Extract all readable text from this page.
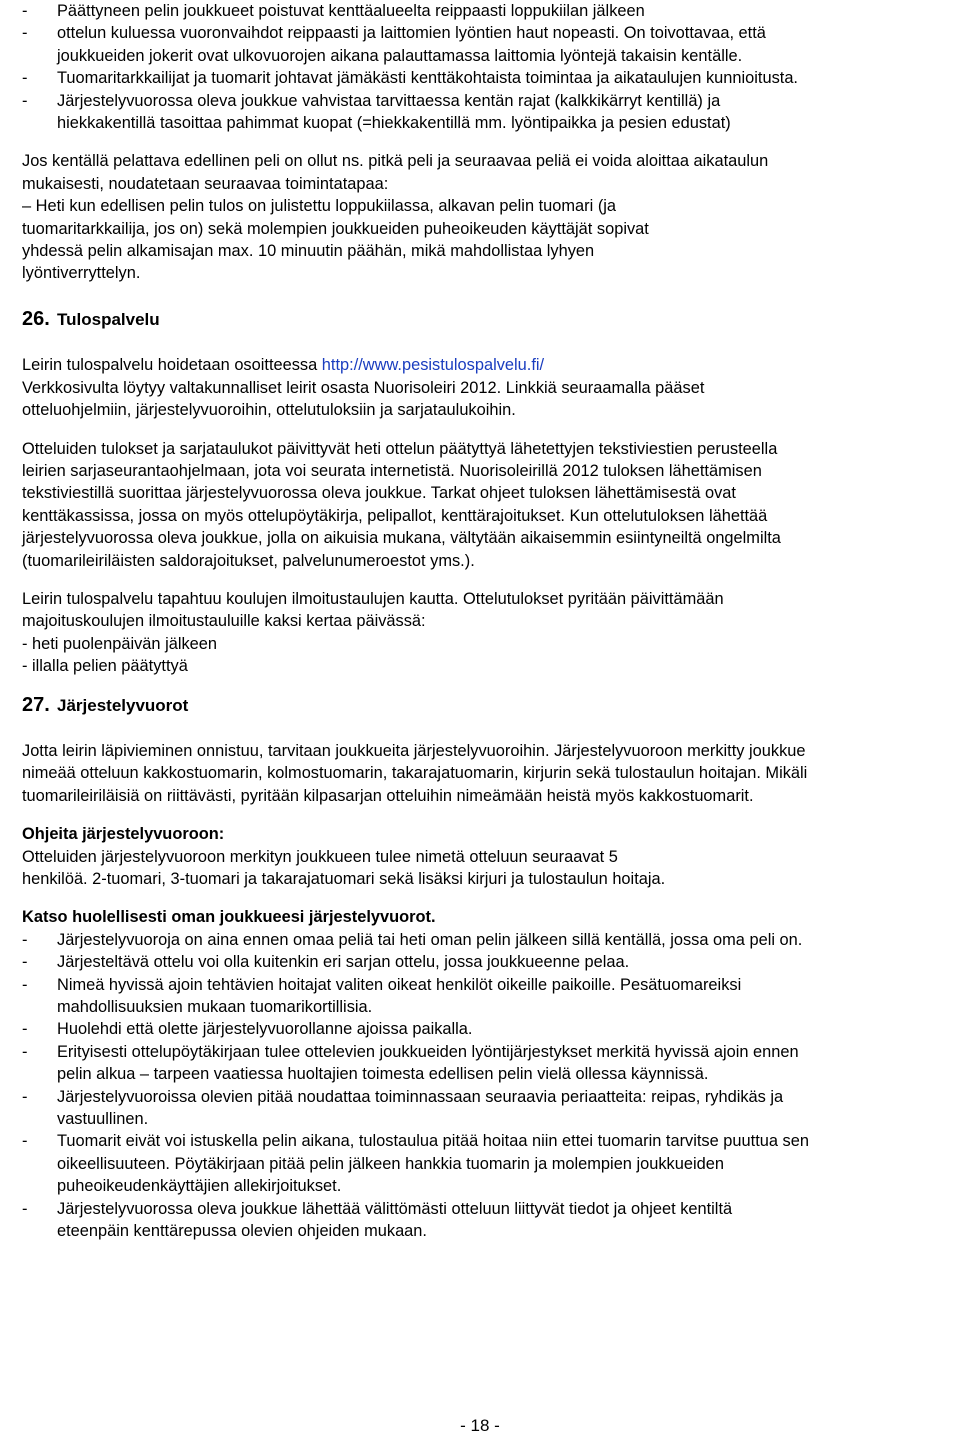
-	Päättyneen pelin joukkueet poistuvat kenttäalueelta reippaasti loppukiilan jälkeen

-	ottelun kuluessa vuoronvaihdot reippaasti ja laittomien lyöntien haut nopeasti. On toivottavaa, että

joukkueiden jokerit ovat ulkovuorojen aikana palauttamassa laittomia lyöntejä takaisin kentälle.

-	Tuomaritarkkailijat ja tuomarit johtavat jämäkästi kenttäkohtaista toimintaa ja aikataulujen kunnioitusta.

-	Järjestelyvuorossa oleva joukkue vahvistaa tarvittaessa kentän rajat (kalkkikärryt kentillä) ja

hiekkakentillä tasoittaa pahimmat kuopat (=hiekkakentillä mm. lyöntipaikka ja pesien edustat)

Jos kentällä pelattava edellinen peli on ollut ns. pitkä peli ja seuraavaa peliä ei voida aloittaa aikataulun

mukaisesti, noudatetaan seuraavaa toimintatapaa:

– Heti kun edellisen pelin tulos on julistettu loppukiilassa, alkavan pelin tuomari (ja

tuomaritarkkailija, jos on) sekä molempien joukkueiden puheoikeuden käyttäjät sopivat

yhdessä pelin alkamisajan max. 10 minuutin päähän, mikä mahdollistaa lyhyen

lyöntiverryttelyn.

26. Tulospalvelu

Leirin tulospalvelu hoidetaan osoitteessa http://www.pesistulospalvelu.fi/

Verkkosivulta löytyy valtakunnalliset leirit osasta Nuorisoleiri 2012. Linkkiä seuraamalla pääset

otteluohjelmiin, järjestelyvuoroihin, ottelutuloksiin ja sarjataulukoihin.

Otteluiden tulokset ja sarjataulukot päivittyvät heti ottelun päätyttyä lähetettyjen tekstiviestien perusteella

leirien sarjaseurantaohjelmaan, jota voi seurata internetistä. Nuorisoleirillä 2012 tuloksen lähettämisen

tekstiviestillä suorittaa järjestelyvuorossa oleva joukkue. Tarkat ohjeet tuloksen lähettämisestä ovat

kenttäkassissa, jossa on myös ottelupöytäkirja, pelipallot, kenttärajoitukset. Kun ottelutuloksen lähettää

järjestelyvuorossa oleva joukkue, jolla on aikuisia mukana, vältytään aikaisemmin esiintyneiltä ongelmilta

(tuomarileiriläisten saldorajoitukset, palvelunumeroestot yms.).

Leirin tulospalvelu tapahtuu koulujen ilmoitustaulujen kautta. Ottelutulokset pyritään päivittämään

majoituskoulujen ilmoitustauluille kaksi kertaa päivässä:

- heti puolenpäivän jälkeen

- illalla pelien päätyttyä

27. Järjestelyvuorot

Jotta leirin läpivieminen onnistuu, tarvitaan joukkueita järjestelyvuoroihin. Järjestelyvuoroon merkitty joukkue

nimeää otteluun kakkostuomarin, kolmostuomarin, takarajatuomarin, kirjurin sekä tulostaulun hoitajan. Mikäli

tuomarileiriläisiä on riittävästi, pyritään kilpasarjan otteluihin nimeämään heistä myös kakkostuomarit.

Ohjeita järjestelyvuoroon:

Otteluiden järjestelyvuoroon merkityn joukkueen tulee nimetä otteluun seuraavat 5

henkilöä. 2-tuomari, 3-tuomari ja takarajatuomari sekä lisäksi kirjuri ja tulostaulun hoitaja.

Katso huolellisesti oman joukkueesi järjestelyvuorot.

-	Järjestelyvuoroja on aina ennen omaa peliä tai heti oman pelin jälkeen sillä kentällä, jossa oma peli on.

-	Järjesteltävä ottelu voi olla kuitenkin eri sarjan ottelu, jossa joukkueenne pelaa.

-	Nimeä hyvissä ajoin tehtävien hoitajat valiten oikeat henkilöt oikeille paikoille. Pesätuomareiksi

mahdollisuuksien mukaan tuomarikortillisia.

-	Huolehdi että olette järjestelyvuorollanne ajoissa paikalla.

-	Erityisesti ottelupöytäkirjaan tulee ottelevien joukkueiden lyöntijärjestykset merkitä hyvissä ajoin ennen

pelin alkua – tarpeen vaatiessa huoltajien toimesta edellisen pelin vielä ollessa käynnissä.

-	Järjestelyvuoroissa olevien pitää noudattaa toiminnassaan seuraavia periaatteita: reipas, ryhdikäs ja

vastuullinen.

-	Tuomarit eivät voi istuskella pelin aikana, tulostaulua pitää hoitaa niin ettei tuomarin tarvitse puuttua sen

oikeellisuuteen. Pöytäkirjaan pitää pelin jälkeen hankkia tuomarin ja molempien joukkueiden

puheoikeudenkäyttäjien allekirjoitukset.

-	Järjestelyvuorossa oleva joukkue lähettää välittömästi otteluun liittyvät tiedot ja ohjeet kentiltä

eteenpäin kenttärepussa olevien ohjeiden mukaan.

- 18 -
